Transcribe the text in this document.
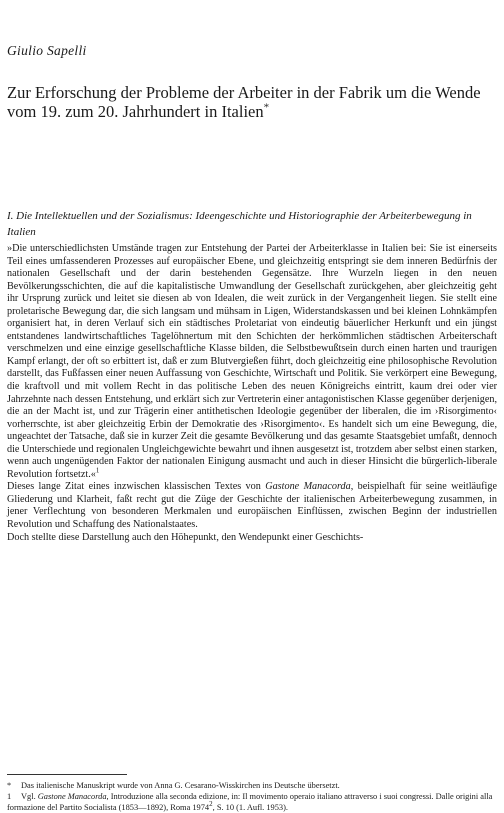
Giulio Sapelli
Zur Erforschung der Probleme der Arbeiter in der Fabrik um die Wende vom 19. zum 20. Jahrhundert in Italien*
I. Die Intellektuellen und der Sozialismus: Ideengeschichte und Historiographie der Arbeiterbewegung in Italien

»Die unterschiedlichsten Umstände tragen zur Entstehung der Partei der Arbeiterklasse in Italien bei: Sie ist einerseits Teil eines umfassenderen Prozesses auf europäischer Ebene, und gleichzeitig entspringt sie dem inneren Bedürfnis der nationalen Gesellschaft und der darin bestehenden Gegensätze. Ihre Wurzeln liegen in den neuen Bevölkerungsschichten, die auf die kapitalistische Umwandlung der Gesellschaft zurückgehen, aber gleichzeitig geht ihr Ursprung zurück und leitet sie diesen ab von Idealen, die weit zurück in der Vergangenheit liegen. Sie stellt eine proletarische Bewegung dar, die sich langsam und mühsam in Ligen, Widerstandskassen und bei kleinen Lohnkämpfen organisiert hat, in deren Verlauf sich ein städtisches Proletariat von eindeutig bäuerlicher Herkunft und ein jüngst entstandenes landwirtschaftliches Tagelöhnertum mit den Schichten der herkömmlichen städtischen Arbeiterschaft verschmelzen und eine einzige gesellschaftliche Klasse bilden, die Selbstbewußtsein durch einen harten und traurigen Kampf erlangt, der oft so erbittert ist, daß er zum Blutvergießen führt, doch gleichzeitig eine philosophische Revolution darstellt, das Fußfassen einer neuen Auffassung von Geschichte, Wirtschaft und Politik. Sie verkörpert eine Bewegung, die kraftvoll und mit vollem Recht in das politische Leben des neuen Königreichs eintritt, kaum drei oder vier Jahrzehnte nach dessen Entstehung, und erklärt sich zur Vertreterin einer antagonistischen Klasse gegenüber derjenigen, die an der Macht ist, und zur Trägerin einer antithetischen Ideologie gegenüber der liberalen, die im ›Risorgimento‹ vorherrschte, ist aber gleichzeitig Erbin der Demokratie des ›Risorgimento‹. Es handelt sich um eine Bewegung, die, ungeachtet der Tatsache, daß sie in kurzer Zeit die gesamte Bevölkerung und das gesamte Staatsgebiet umfaßt, dennoch die Unterschiede und regionalen Ungleichgewichte bewahrt und ihnen ausgesetzt ist, trotzdem aber selbst einen starken, wenn auch ungenügenden Faktor der nationalen Einigung ausmacht und auch in dieser Hinsicht die bürgerlich-liberale Revolution fortsetzt.«$^1$

Dieses lange Zitat eines inzwischen klassischen Textes von Gastone Manacorda, beispielhaft für seine weitläufige Gliederung und Klarheit, faßt recht gut die Züge der Geschichte der italienischen Arbeiterbewegung zusammen, in jener Verflechtung von besonderen Merkmalen und europäischen Einflüssen, zwischen Beginn der industriellen Revolution und Schaffung des Nationalstaates.

Doch stellte diese Darstellung auch den Höhepunkt, den Wendepunkt einer Geschichts-

* Das italienische Manuskript wurde von Anna G. Cesarano-Wisskirchen ins Deutsche übersetzt.

1 Vgl. Gastone Manacorda, Introduzione alla seconda edizione, in: Il movimento operaio italiano attraverso i suoi congressi. Dalle origini alla formazione del Partito Socialista (1853—1892), Roma 1974$^2$, S. 10 (1. Aufl. 1953).
